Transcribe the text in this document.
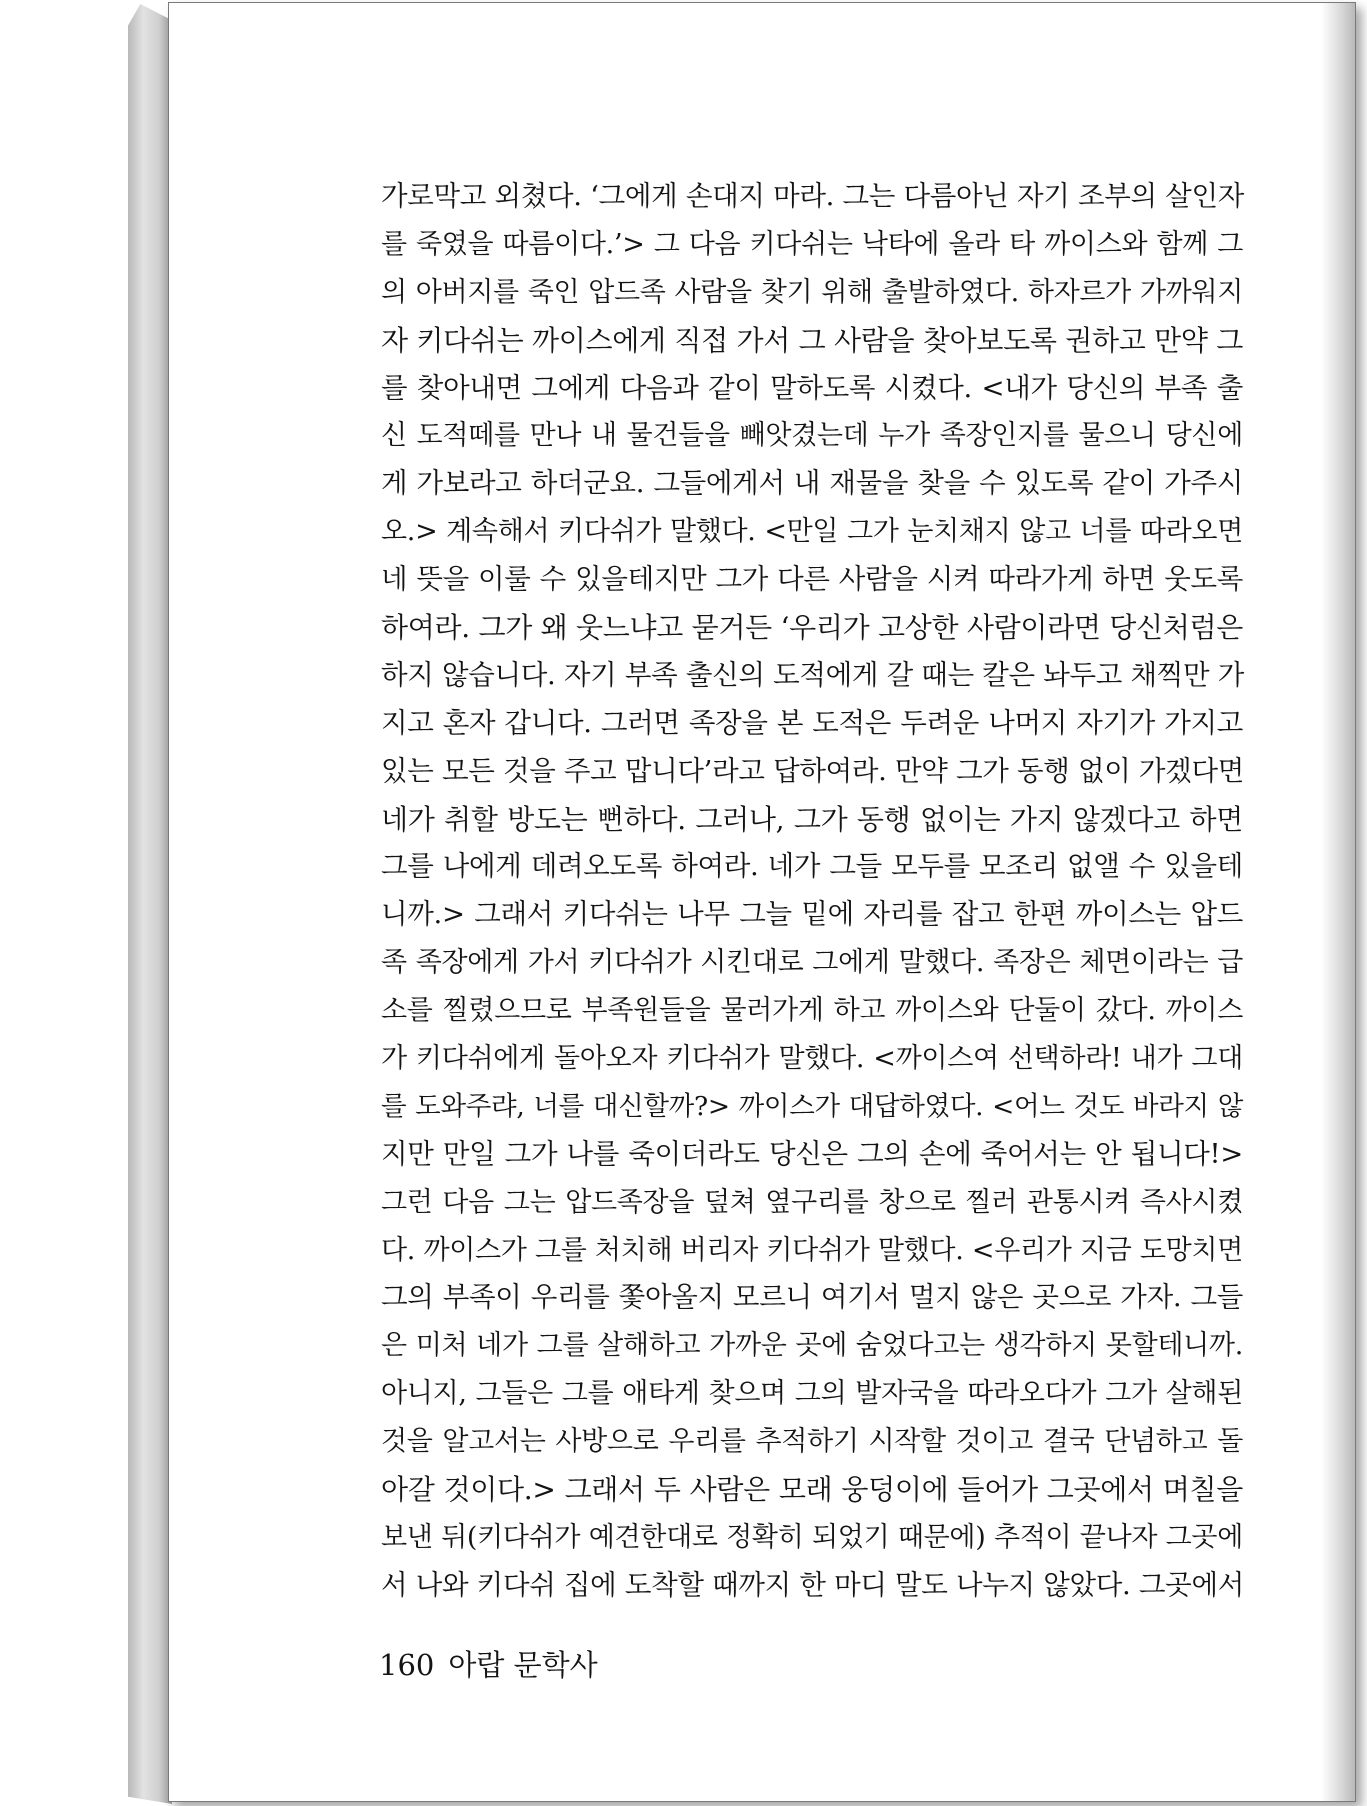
가로막고 외쳤다. ‘그에게 손대지 마라. 그는 다름아닌 자기 조부의 살인자
를 죽였을 따름이다.’> 그 다음 키다쉬는 낙타에 올라 타 까이스와 함께 그
의 아버지를 죽인 압드족 사람을 찾기 위해 출발하였다. 하자르가 가까워지
자 키다쉬는 까이스에게 직접 가서 그 사람을 찾아보도록 권하고 만약 그
를 찾아내면 그에게 다음과 같이 말하도록 시켰다. <내가 당신의 부족 출
신 도적떼를 만나 내 물건들을 빼앗겼는데 누가 족장인지를 물으니 당신에
게 가보라고 하더군요. 그들에게서 내 재물을 찾을 수 있도록 같이 가주시
오.> 계속해서 키다쉬가 말했다. <만일 그가 눈치채지 않고 너를 따라오면
네 뜻을 이룰 수 있을테지만 그가 다른 사람을 시켜 따라가게 하면 웃도록
하여라. 그가 왜 웃느냐고 묻거든 ‘우리가 고상한 사람이라면 당신처럼은
하지 않습니다. 자기 부족 출신의 도적에게 갈 때는 칼은 놔두고 채찍만 가
지고 혼자 갑니다. 그러면 족장을 본 도적은 두려운 나머지 자기가 가지고
있는 모든 것을 주고 맙니다’라고 답하여라. 만약 그가 동행 없이 가겠다면
네가 취할 방도는 뻔하다. 그러나, 그가 동행 없이는 가지 않겠다고 하면
그를 나에게 데려오도록 하여라. 네가 그들 모두를 모조리 없앨 수 있을테
니까.> 그래서 키다쉬는 나무 그늘 밑에 자리를 잡고 한편 까이스는 압드
족 족장에게 가서 키다쉬가 시킨대로 그에게 말했다. 족장은 체면이라는 급
소를 찔렸으므로 부족원들을 물러가게 하고 까이스와 단둘이 갔다. 까이스
가 키다쉬에게 돌아오자 키다쉬가 말했다. <까이스여 선택하라! 내가 그대
를 도와주랴, 너를 대신할까?> 까이스가 대답하였다. <어느 것도 바라지 않
지만 만일 그가 나를 죽이더라도 당신은 그의 손에 죽어서는 안 됩니다!>
그런 다음 그는 압드족장을 덮쳐 옆구리를 창으로 찔러 관통시켜 즉사시켰
다. 까이스가 그를 처치해 버리자 키다쉬가 말했다. <우리가 지금 도망치면
그의 부족이 우리를 쫓아올지 모르니 여기서 멀지 않은 곳으로 가자. 그들
은 미처 네가 그를 살해하고 가까운 곳에 숨었다고는 생각하지 못할테니까.
아니지, 그들은 그를 애타게 찾으며 그의 발자국을 따라오다가 그가 살해된
것을 알고서는 사방으로 우리를 추적하기 시작할 것이고 결국 단념하고 돌
아갈 것이다.> 그래서 두 사람은 모래 웅덩이에 들어가 그곳에서 며칠을
보낸 뒤(키다쉬가 예견한대로 정확히 되었기 때문에) 추적이 끝나자 그곳에
서 나와 키다쉬 집에 도착할 때까지 한 마디 말도 나누지 않았다. 그곳에서
160 아랍 문학사
